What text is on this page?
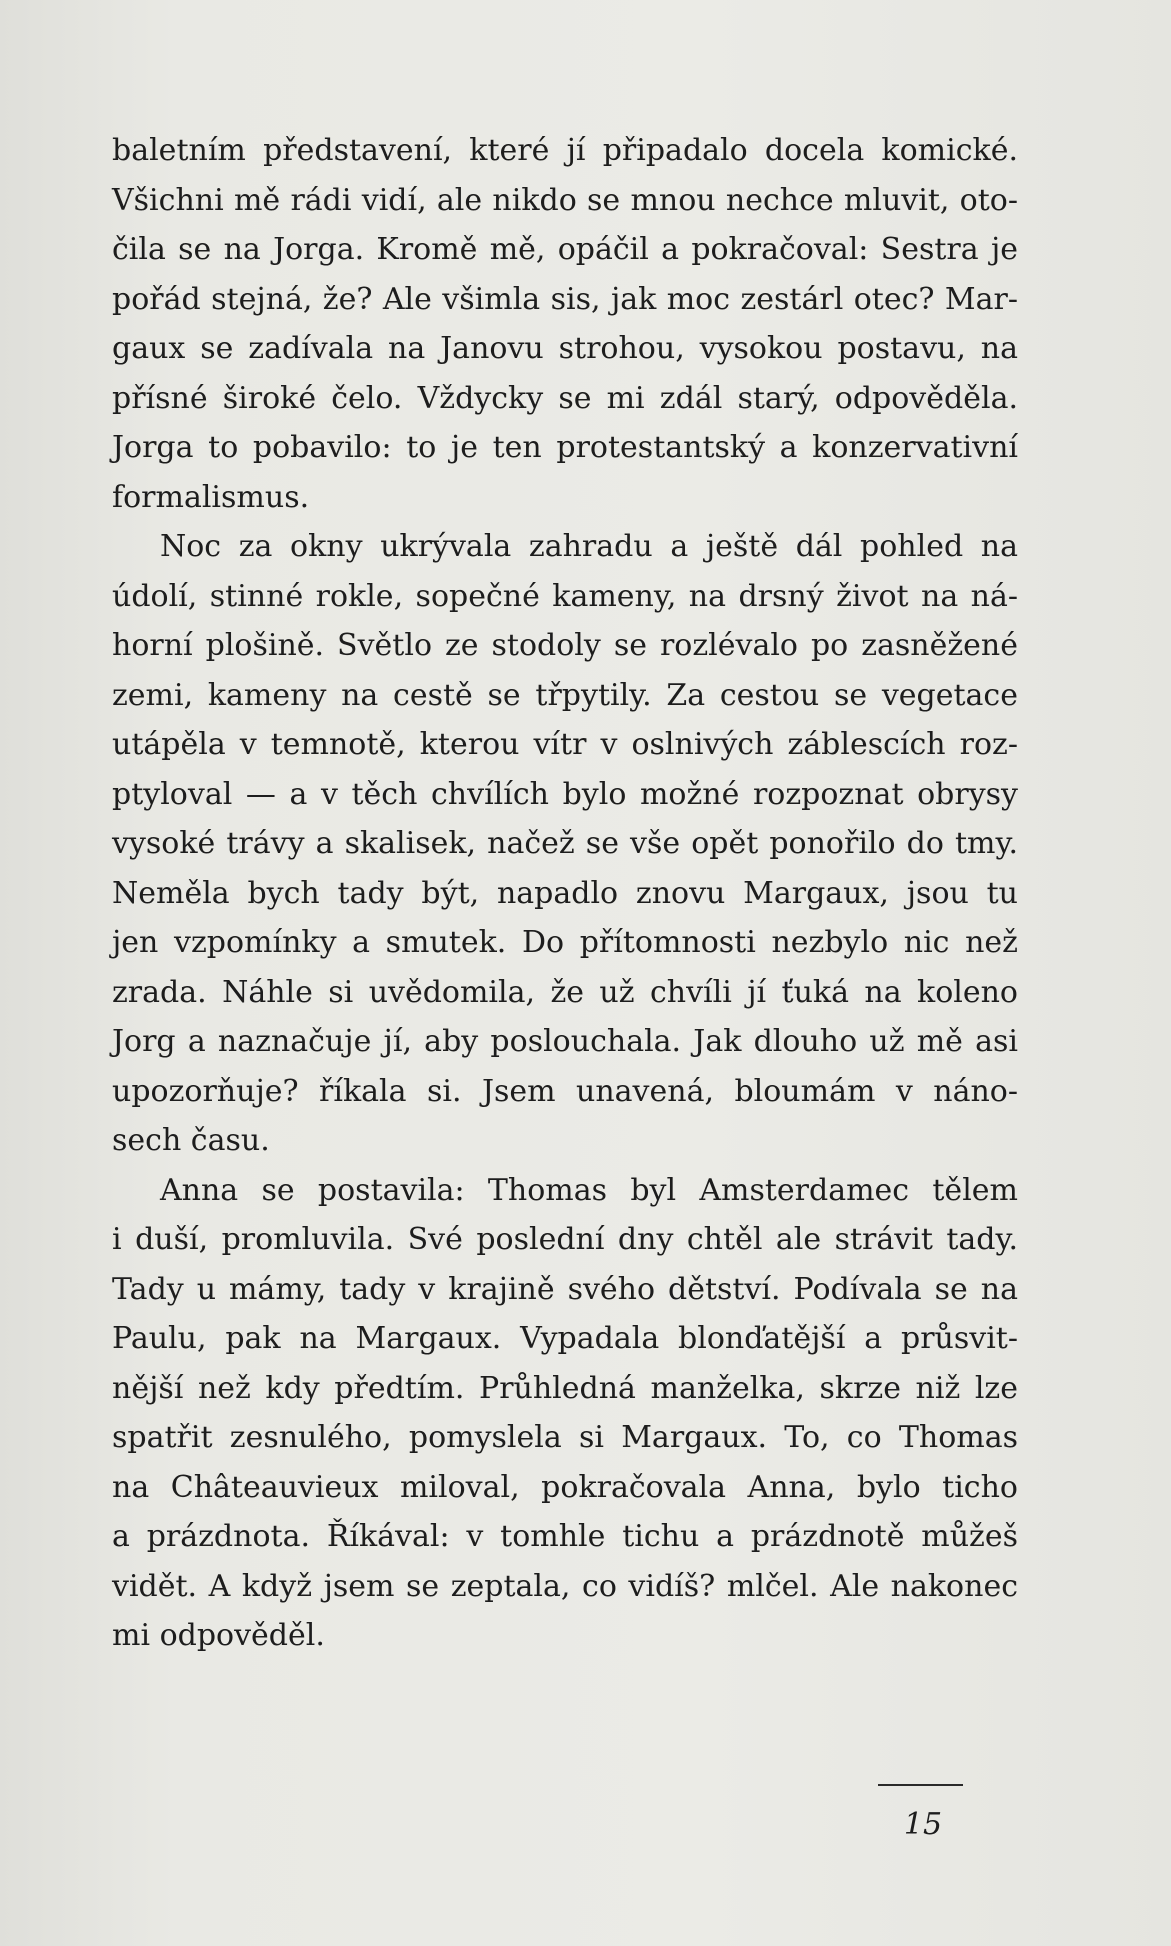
baletním představení, které jí připadalo docela komické.
Všichni mě rádi vidí, ale nikdo se mnou nechce mluvit, oto-
čila se na Jorga. Kromě mě, opáčil a pokračoval: Sestra je
pořád stejná, že? Ale všimla sis, jak moc zestárl otec? Mar-
gaux se zadívala na Janovu strohou, vysokou postavu, na
přísné široké čelo. Vždycky se mi zdál starý, odpověděla.
Jorga to pobavilo: to je ten protestantský a konzervativní
formalismus.
Noc za okny ukrývala zahradu a ještě dál pohled na
údolí, stinné rokle, sopečné kameny, na drsný život na ná-
horní plošině. Světlo ze stodoly se rozlévalo po zasněžené
zemi, kameny na cestě se třpytily. Za cestou se vegetace
utápěla v temnotě, kterou vítr v oslnivých záblescích roz-
ptyloval — a v těch chvílích bylo možné rozpoznat obrysy
vysoké trávy a skalisek, načež se vše opět ponořilo do tmy.
Neměla bych tady být, napadlo znovu Margaux, jsou tu
jen vzpomínky a smutek. Do přítomnosti nezbylo nic než
zrada. Náhle si uvědomila, že už chvíli jí ťuká na koleno
Jorg a naznačuje jí, aby poslouchala. Jak dlouho už mě asi
upozorňuje? říkala si. Jsem unavená, bloumám v náno-
sech času.
Anna se postavila: Thomas byl Amsterdamec tělem
i duší, promluvila. Své poslední dny chtěl ale strávit tady.
Tady u mámy, tady v krajině svého dětství. Podívala se na
Paulu, pak na Margaux. Vypadala blonďatější a průsvit-
nější než kdy předtím. Průhledná manželka, skrze niž lze
spatřit zesnulého, pomyslela si Margaux. To, co Thomas
na Châteauvieux miloval, pokračovala Anna, bylo ticho
a prázdnota. Říkával: v tomhle tichu a prázdnotě můžeš
vidět. A když jsem se zeptala, co vidíš? mlčel. Ale nakonec
mi odpověděl.
15
